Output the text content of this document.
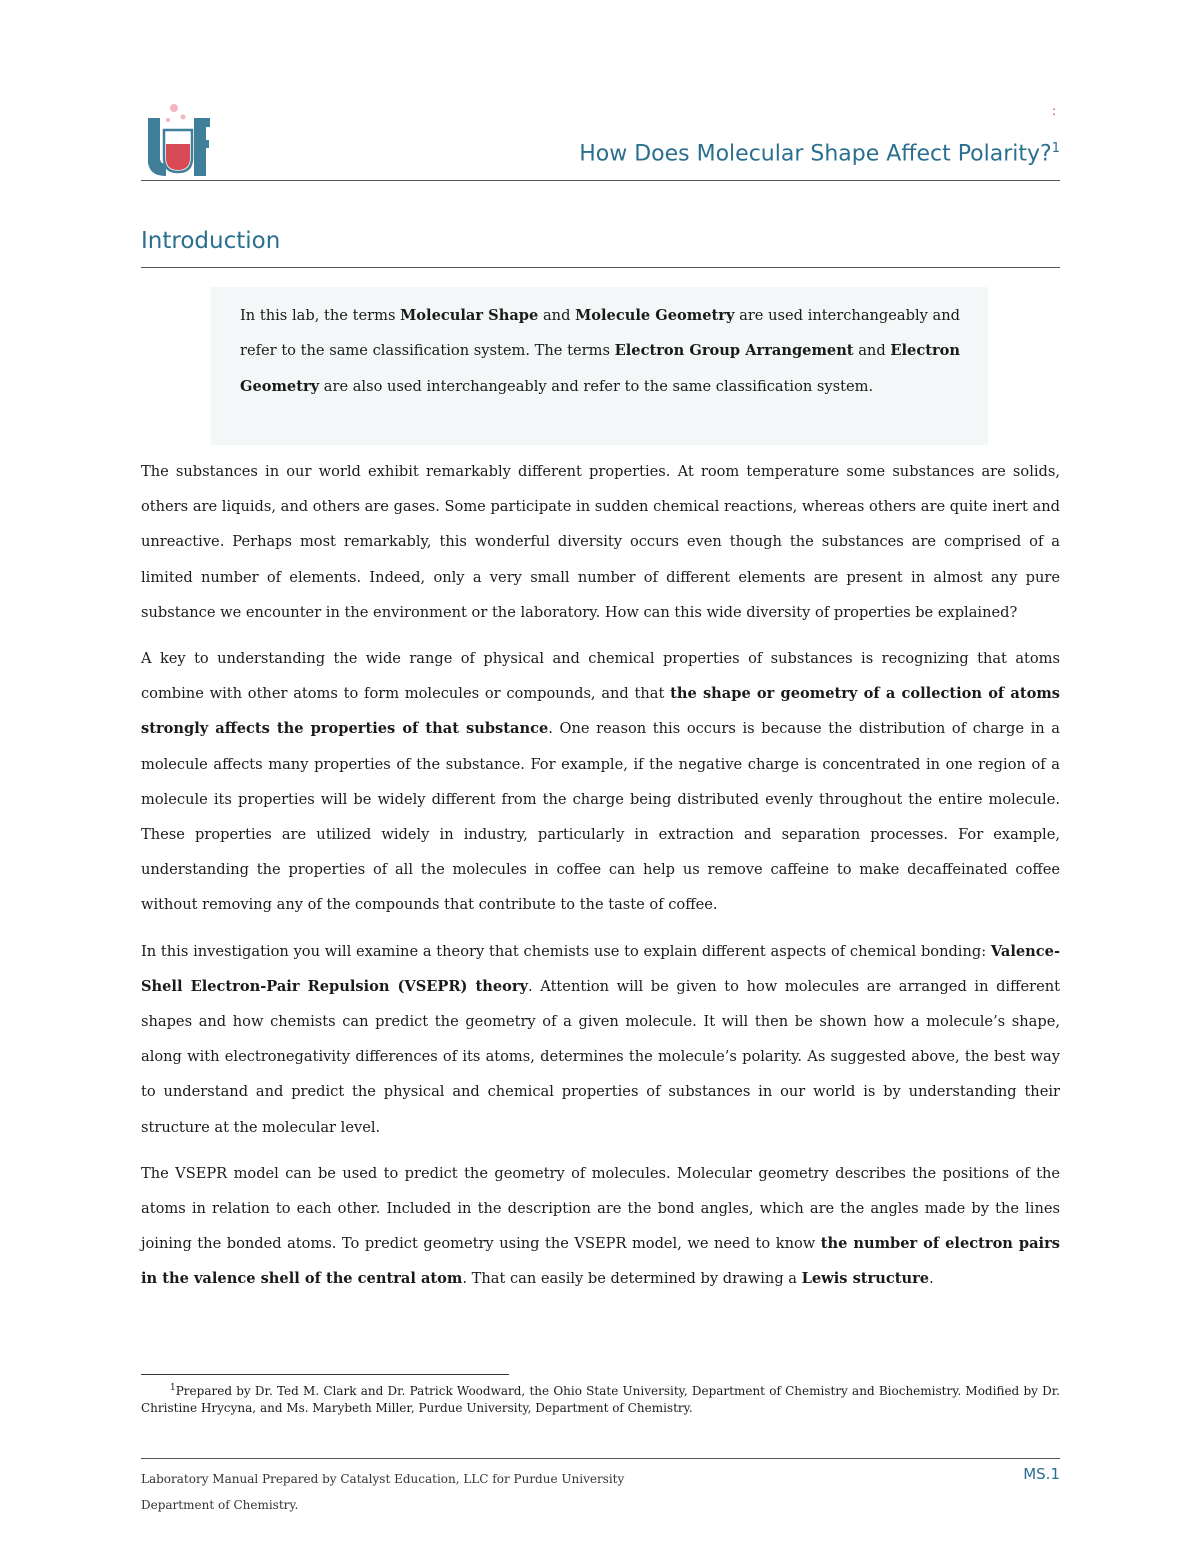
:
How Does Molecular Shape Affect Polarity?$^1$
Introduction
In this lab, the terms Molecular Shape and Molecule Geometry are used interchangeably and refer to the same classification system. The terms Electron Group Arrangement and Electron Geometry are also used interchangeably and refer to the same classification system.

The substances in our world exhibit remarkably different properties. At room temperature some substances are solids, others are liquids, and others are gases. Some participate in sudden chemical reactions, whereas others are quite inert and unreactive. Perhaps most remarkably, this wonderful diversity occurs even though the substances are comprised of a limited number of elements. Indeed, only a very small number of different elements are present in almost any pure substance we encounter in the environment or the laboratory. How can this wide diversity of properties be explained?

A key to understanding the wide range of physical and chemical properties of substances is recognizing that atoms combine with other atoms to form molecules or compounds, and that the shape or geometry of a collection of atoms strongly affects the properties of that substance. One reason this occurs is because the distribution of charge in a molecule affects many properties of the substance. For example, if the negative charge is concentrated in one region of a molecule its properties will be widely different from the charge being distributed evenly throughout the entire molecule. These properties are utilized widely in industry, particularly in extraction and separation processes. For example, understanding the properties of all the molecules in coffee can help us remove caffeine to make decaffeinated coffee without removing any of the compounds that contribute to the taste of coffee.

In this investigation you will examine a theory that chemists use to explain different aspects of chemical bonding: Valence-Shell Electron-Pair Repulsion (VSEPR) theory. Attention will be given to how molecules are arranged in different shapes and how chemists can predict the geometry of a given molecule. It will then be shown how a molecule’s shape, along with electronegativity differences of its atoms, determines the molecule’s polarity. As suggested above, the best way to understand and predict the physical and chemical properties of substances in our world is by understanding their structure at the molecular level.

The VSEPR model can be used to predict the geometry of molecules. Molecular geometry describes the positions of the atoms in relation to each other. Included in the description are the bond angles, which are the angles made by the lines joining the bonded atoms. To predict geometry using the VSEPR model, we need to know the number of electron pairs in the valence shell of the central atom. That can easily be determined by drawing a Lewis structure.

$^1$Prepared by Dr. Ted M. Clark and Dr. Patrick Woodward, the Ohio State University, Department of Chemistry and Biochemistry. Modified by Dr. Christine Hrycyna, and Ms. Marybeth Miller, Purdue University, Department of Chemistry.
Laboratory Manual Prepared by Catalyst Education, LLC for Purdue University
Department of Chemistry.
MS.1
